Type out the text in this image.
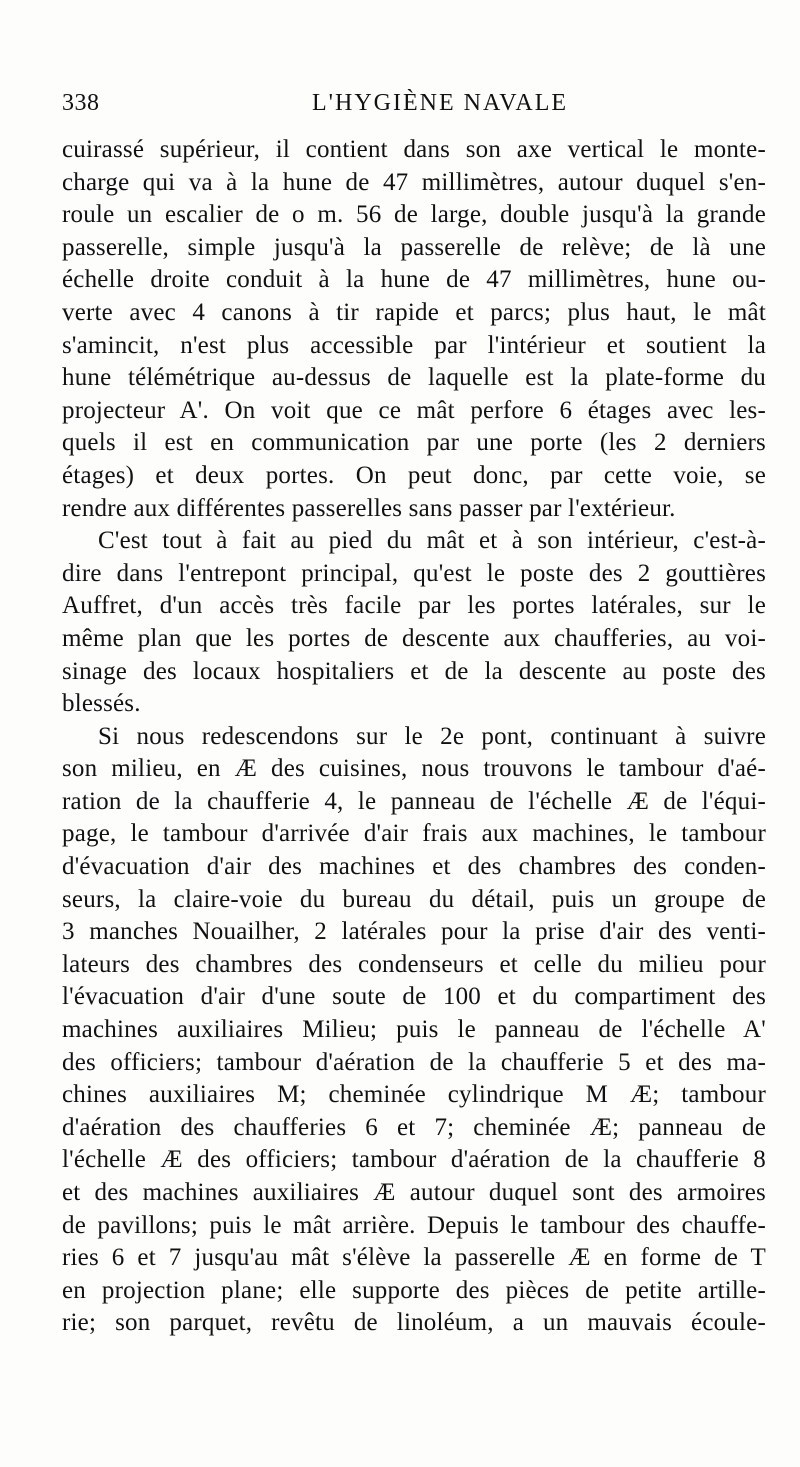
338	L'HYGIÈNE NAVALE
cuirassé supérieur, il contient dans son axe vertical le monte-
charge qui va à la hune de 47 millimètres, autour duquel s'en-
roule un escalier de o m. 56 de large, double jusqu'à la grande
passerelle, simple jusqu'à la passerelle de relève; de là une
échelle droite conduit à la hune de 47 millimètres, hune ou-
verte avec 4 canons à tir rapide et parcs; plus haut, le mât
s'amincit, n'est plus accessible par l'intérieur et soutient la
hune télémétrique au-dessus de laquelle est la plate-forme du
projecteur A'. On voit que ce mât perfore 6 étages avec les-
quels il est en communication par une porte (les 2 derniers
étages) et deux portes. On peut donc, par cette voie, se
rendre aux différentes passerelles sans passer par l'extérieur.
C'est tout à fait au pied du mât et à son intérieur, c'est-à-
dire dans l'entrepont principal, qu'est le poste des 2 gouttières
Auffret, d'un accès très facile par les portes latérales, sur le
même plan que les portes de descente aux chaufferies, au voi-
sinage des locaux hospitaliers et de la descente au poste des
blessés.
Si nous redescendons sur le 2e pont, continuant à suivre
son milieu, en Æ des cuisines, nous trouvons le tambour d'aé-
ration de la chaufferie 4, le panneau de l'échelle Æ de l'équi-
page, le tambour d'arrivée d'air frais aux machines, le tambour
d'évacuation d'air des machines et des chambres des conden-
seurs, la claire-voie du bureau du détail, puis un groupe de
3 manches Nouailher, 2 latérales pour la prise d'air des venti-
lateurs des chambres des condenseurs et celle du milieu pour
l'évacuation d'air d'une soute de 100 et du compartiment des
machines auxiliaires Milieu; puis le panneau de l'échelle A'
des officiers; tambour d'aération de la chaufferie 5 et des ma-
chines auxiliaires M; cheminée cylindrique M Æ; tambour
d'aération des chaufferies 6 et 7; cheminée Æ; panneau de
l'échelle Æ des officiers; tambour d'aération de la chaufferie 8
et des machines auxiliaires Æ autour duquel sont des armoires
de pavillons; puis le mât arrière. Depuis le tambour des chauffe-
ries 6 et 7 jusqu'au mât s'élève la passerelle Æ en forme de T
en projection plane; elle supporte des pièces de petite artille-
rie; son parquet, revêtu de linoléum, a un mauvais écoule-
